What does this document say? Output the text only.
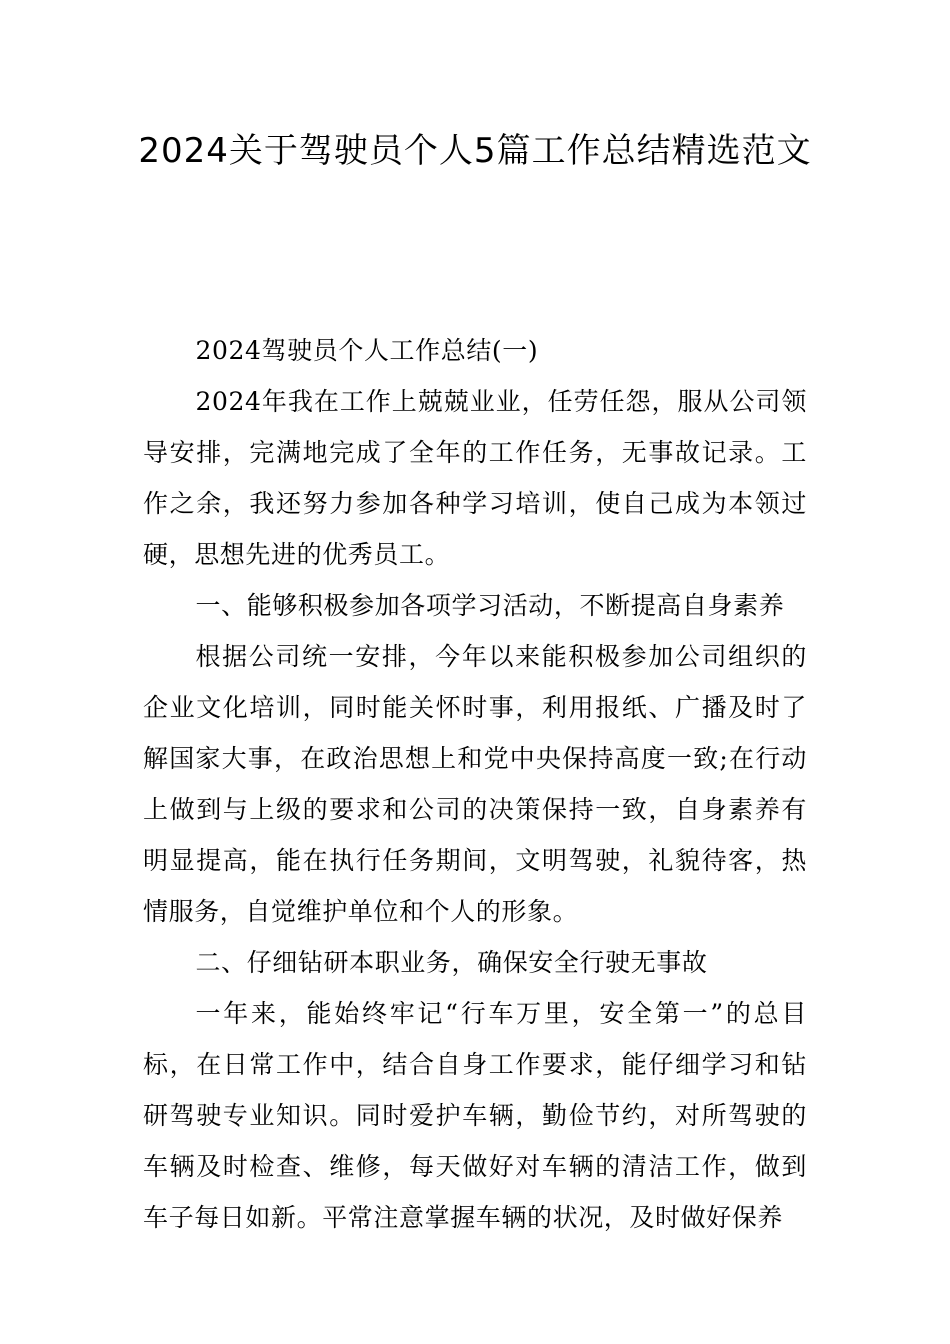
2024关于驾驶员个人5篇工作总结精选范文

2024驾驶员个人工作总结(一)

2024年我在工作上兢兢业业，任劳任怨，服从公司领导安排，完满地完成了全年的工作任务，无事故记录。工作之余，我还努力参加各种学习培训，使自己成为本领过硬，思想先进的优秀员工。

一、能够积极参加各项学习活动，不断提高自身素养

根据公司统一安排，今年以来能积极参加公司组织的企业文化培训，同时能关怀时事，利用报纸、广播及时了解国家大事，在政治思想上和党中央保持高度一致;在行动上做到与上级的要求和公司的决策保持一致，自身素养有明显提高，能在执行任务期间，文明驾驶，礼貌待客，热情服务，自觉维护单位和个人的形象。

二、仔细钻研本职业务，确保安全行驶无事故

一年来，能始终牢记“行车万里，安全第一”的总目标，在日常工作中，结合自身工作要求，能仔细学习和钻研驾驶专业知识。同时爱护车辆，勤俭节约，对所驾驶的车辆及时检查、维修，每天做好对车辆的清洁工作，做到车子每日如新。平常注意掌握车辆的状况，及时做好保养
